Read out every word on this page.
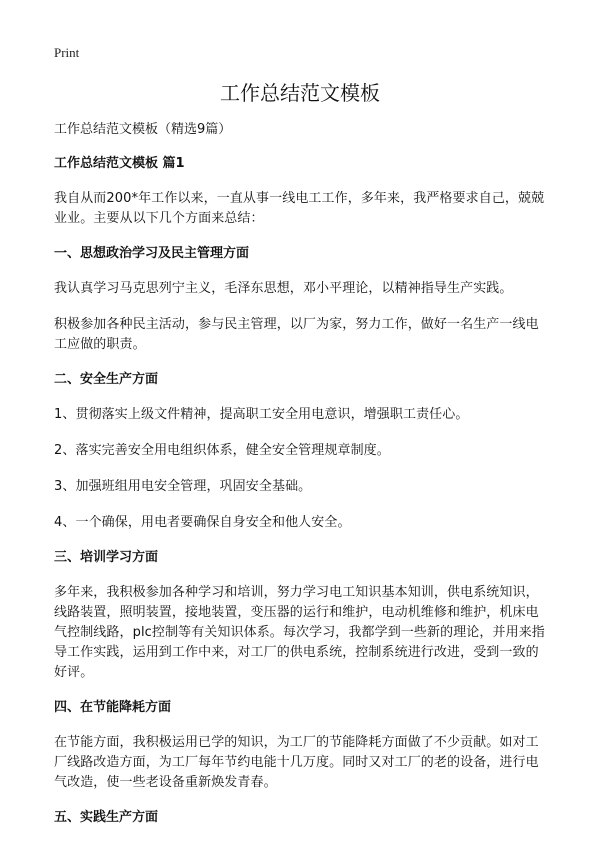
Print
工作总结范文模板

工作总结范文模板（精选9篇）

工作总结范文模板 篇1

我自从而200*年工作以来，一直从事一线电工工作，多年来，我严格要求自己，兢兢业业。主要从以下几个方面来总结：

一、思想政治学习及民主管理方面

我认真学习马克思列宁主义，毛泽东思想，邓小平理论，以精神指导生产实践。

积极参加各种民主活动，参与民主管理，以厂为家，努力工作，做好一名生产一线电工应做的职责。

二、安全生产方面

1、贯彻落实上级文件精神，提高职工安全用电意识，增强职工责任心。

2、落实完善安全用电组织体系，健全安全管理规章制度。

3、加强班组用电安全管理，巩固安全基础。

4、一个确保，用电者要确保自身安全和他人安全。

三、培训学习方面

多年来，我积极参加各种学习和培训，努力学习电工知识基本知训，供电系统知识，线路装置，照明装置，接地装置，变压器的运行和维护，电动机维修和维护，机床电气控制线路，plc控制等有关知识体系。每次学习，我都学到一些新的理论，并用来指导工作实践，运用到工作中来，对工厂的供电系统，控制系统进行改进，受到一致的好评。

四、在节能降耗方面

在节能方面，我积极运用已学的知识，为工厂的节能降耗方面做了不少贡献。如对工厂线路改造方面，为工厂每年节约电能十几万度。同时又对工厂的老的设备，进行电气改造，使一些老设备重新焕发青春。

五、实践生产方面
